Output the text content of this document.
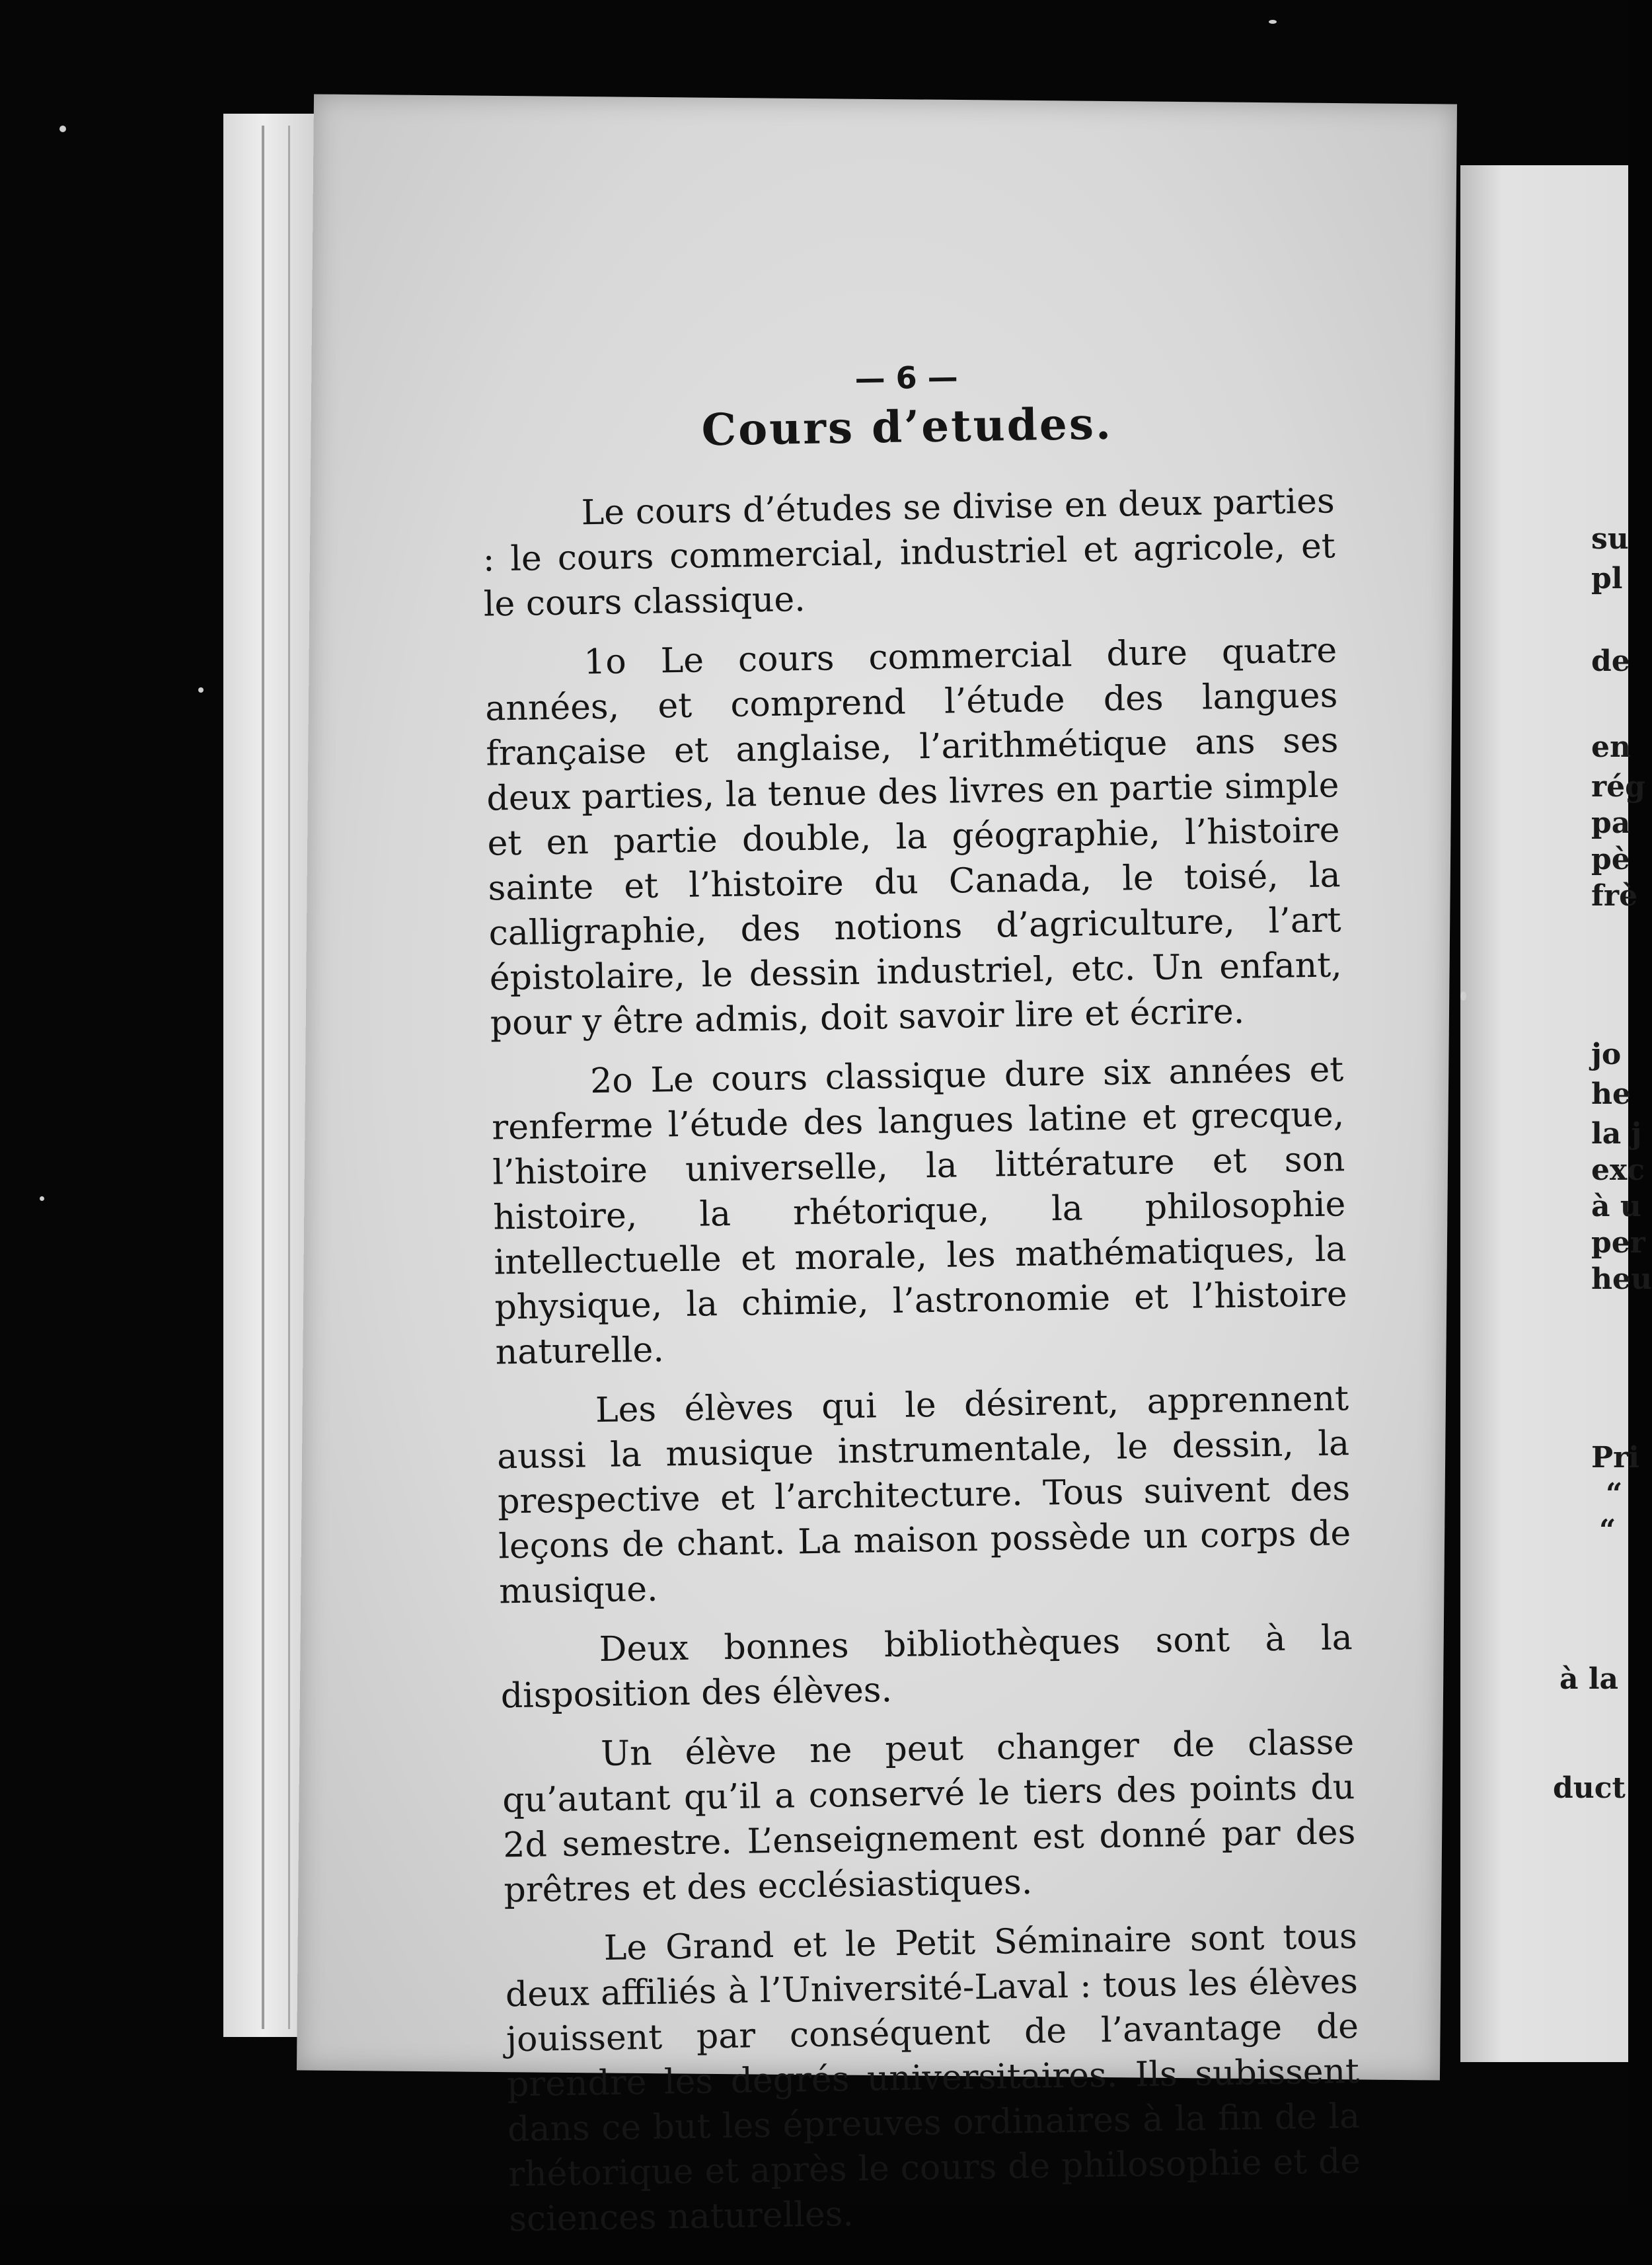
— 6 —
Cours d’etudes.

Le cours d’études se divise en deux parties : le cours commercial, industriel et agricole, et le cours classique.

1o Le cours commercial dure quatre années, et comprend l’étude des langues française et anglaise, l’arithmétique ans ses deux parties, la tenue des livres en partie simple et en partie double, la géographie, l’histoire sainte et l’histoire du Canada, le toisé, la calligraphie, des notions d’agriculture, l’art épistolaire, le dessin industriel, etc. Un enfant, pour y être admis, doit savoir lire et écrire.

2o Le cours classique dure six années et renferme l’étude des langues latine et grecque, l’histoire universelle, la littérature et son histoire, la rhétorique, la philosophie intellectuelle et morale, les mathématiques, la physique, la chimie, l’astronomie et l’histoire naturelle.

Les élèves qui le désirent, apprennent aussi la musique instrumentale, le dessin, la prespective et l’architecture. Tous suivent des leçons de chant. La maison possède un corps de musique.

Deux bonnes bibliothèques sont à la disposition des élèves.

Un élève ne peut changer de classe qu’autant qu’il a conservé le tiers des points du 2d semestre. L’enseignement est donné par des prêtres et des ecclésiastiques.

Le Grand et le Petit Séminaire sont tous deux affiliés à l’Université-Laval : tous les élèves jouissent par conséquent de l’avantage de prendre les degrés universitaires. Ils subissent dans ce but les épreuves ordinaires à la fin de la rhétorique et après le cours de philosophie et de sciences naturelles.

su
pl
de
en
rég
pa
pè
frè
jo
he
la j
exc
à u
per
heu
Pri
“
“
à la
duct
